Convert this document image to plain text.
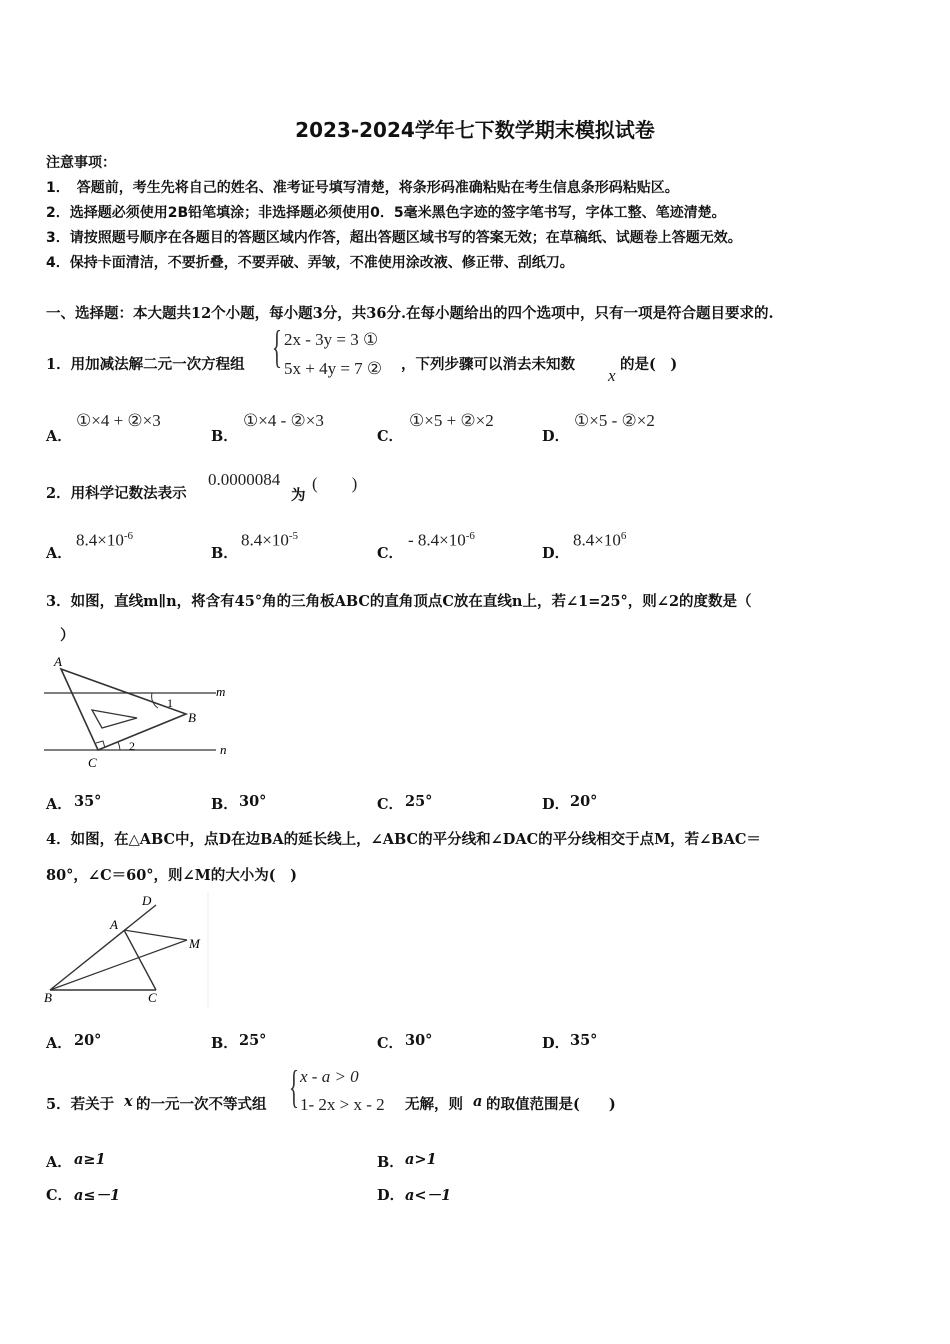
2023-2024学年七下数学期末模拟试卷
注意事项：
1．　答题前，考生先将自己的姓名、准考证号填写清楚，将条形码准确粘贴在考生信息条形码粘贴区。
2．选择题必须使用2B铅笔填涂；非选择题必须使用0．5毫米黑色字迹的签字笔书写，字体工整、笔迹清楚。
3．请按照题号顺序在各题目的答题区域内作答，超出答题区域书写的答案无效；在草稿纸、试题卷上答题无效。
4．保持卡面清洁，不要折叠，不要弄破、弄皱，不准使用涂改液、修正带、刮纸刀。
一、选择题：本大题共12个小题，每小题3分，共36分.在每小题给出的四个选项中，只有一项是符合题目要求的.
1．用加减法解二元一次方程组 { 2x - 3y = 3 ①
5x + 4y = 7 ② ，下列步骤可以消去未知数
x
的是(　)
A．
①×4 + ②×3
B．
①×4 - ②×3
C．
①×5 + ②×2
D．
①×5 - ②×2
2．用科学记数法表示
0.0000084
为
(　　)
A．
$8.4\times 10^{-6}$
B．
$8.4\times 10^{-5}$
C．
- $8.4\times 10^{-6}$
D．
$8.4\times 10^6$
3．如图，直线m∥n，将含有45°角的三角板ABC的直角顶点C放在直线n上，若∠1=25°，则∠2的度数是（
）
A
B
C
m
n
1
2
A． 35°	B． 30°	C． 25°	D． 20°
4．如图，在△ABC中，点D在边BA的延长线上，∠ABC的平分线和∠DAC的平分线相交于点M，若∠BAC＝
80°，∠C＝60°，则∠M的大小为(　)
D
A
M
B	C
A． 20°	B． 25°	C． 30°	D． 35°
5．若关于 x 的一元一次不等式组 { x - a > 0
1- 2x > x - 2 无解，则 a 的取值范围是(　　)
A． a≥1	B． a>1
C． a≤－1	D． a<－1
